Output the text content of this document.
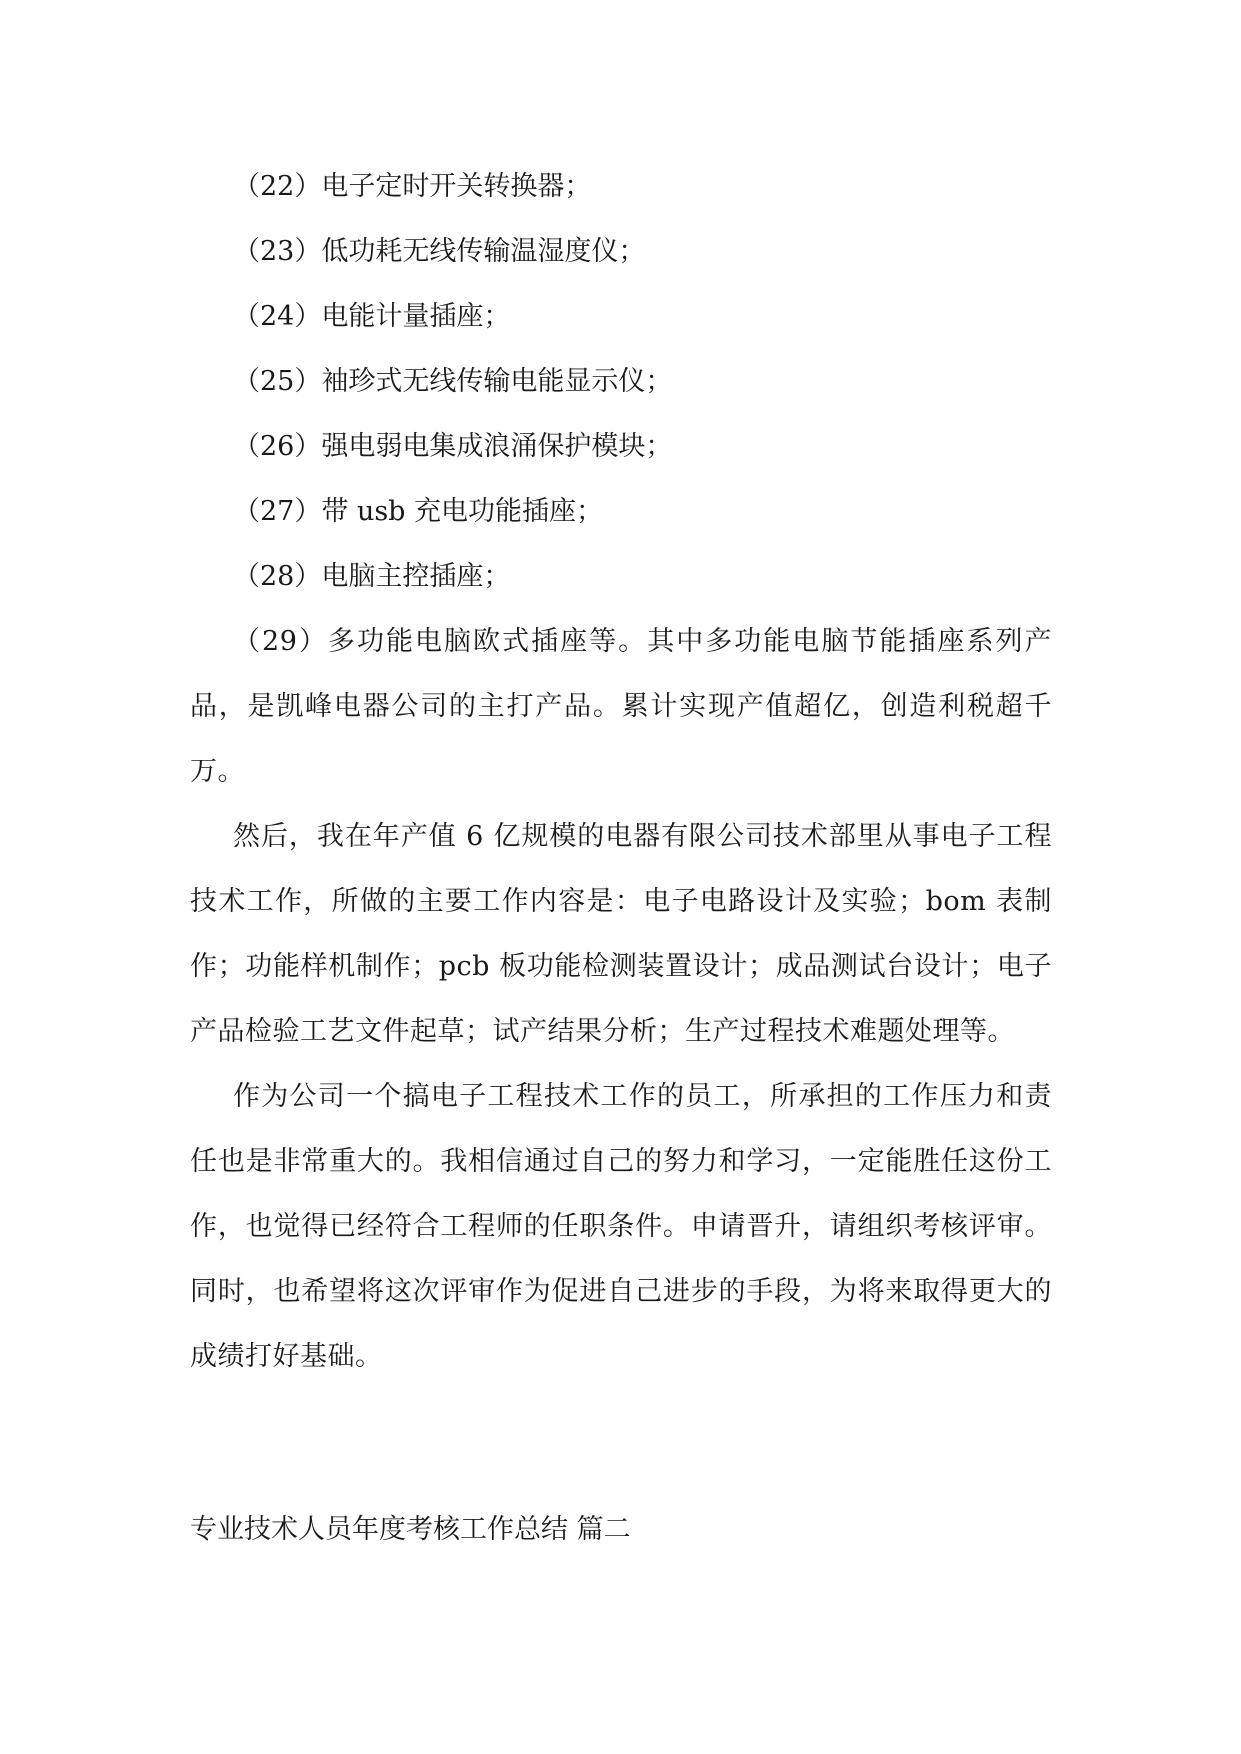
（22）电子定时开关转换器；

（23）低功耗无线传输温湿度仪；

（24）电能计量插座；

（25）袖珍式无线传输电能显示仪；

（26）强电弱电集成浪涌保护模块；

（27）带 usb 充电功能插座；

（28）电脑主控插座；

（29）多功能电脑欧式插座等。其中多功能电脑节能插座系列产品，是凯峰电器公司的主打产品。累计实现产值超亿，创造利税超千万。

然后，我在年产值 6 亿规模的电器有限公司技术部里从事电子工程技术工作，所做的主要工作内容是：电子电路设计及实验；bom 表制作；功能样机制作；pcb 板功能检测装置设计；成品测试台设计；电子产品检验工艺文件起草；试产结果分析；生产过程技术难题处理等。

作为公司一个搞电子工程技术工作的员工，所承担的工作压力和责任也是非常重大的。我相信通过自己的努力和学习，一定能胜任这份工作，也觉得已经符合工程师的任职条件。申请晋升，请组织考核评审。同时，也希望将这次评审作为促进自己进步的手段，为将来取得更大的成绩打好基础。

专业技术人员年度考核工作总结 篇二
